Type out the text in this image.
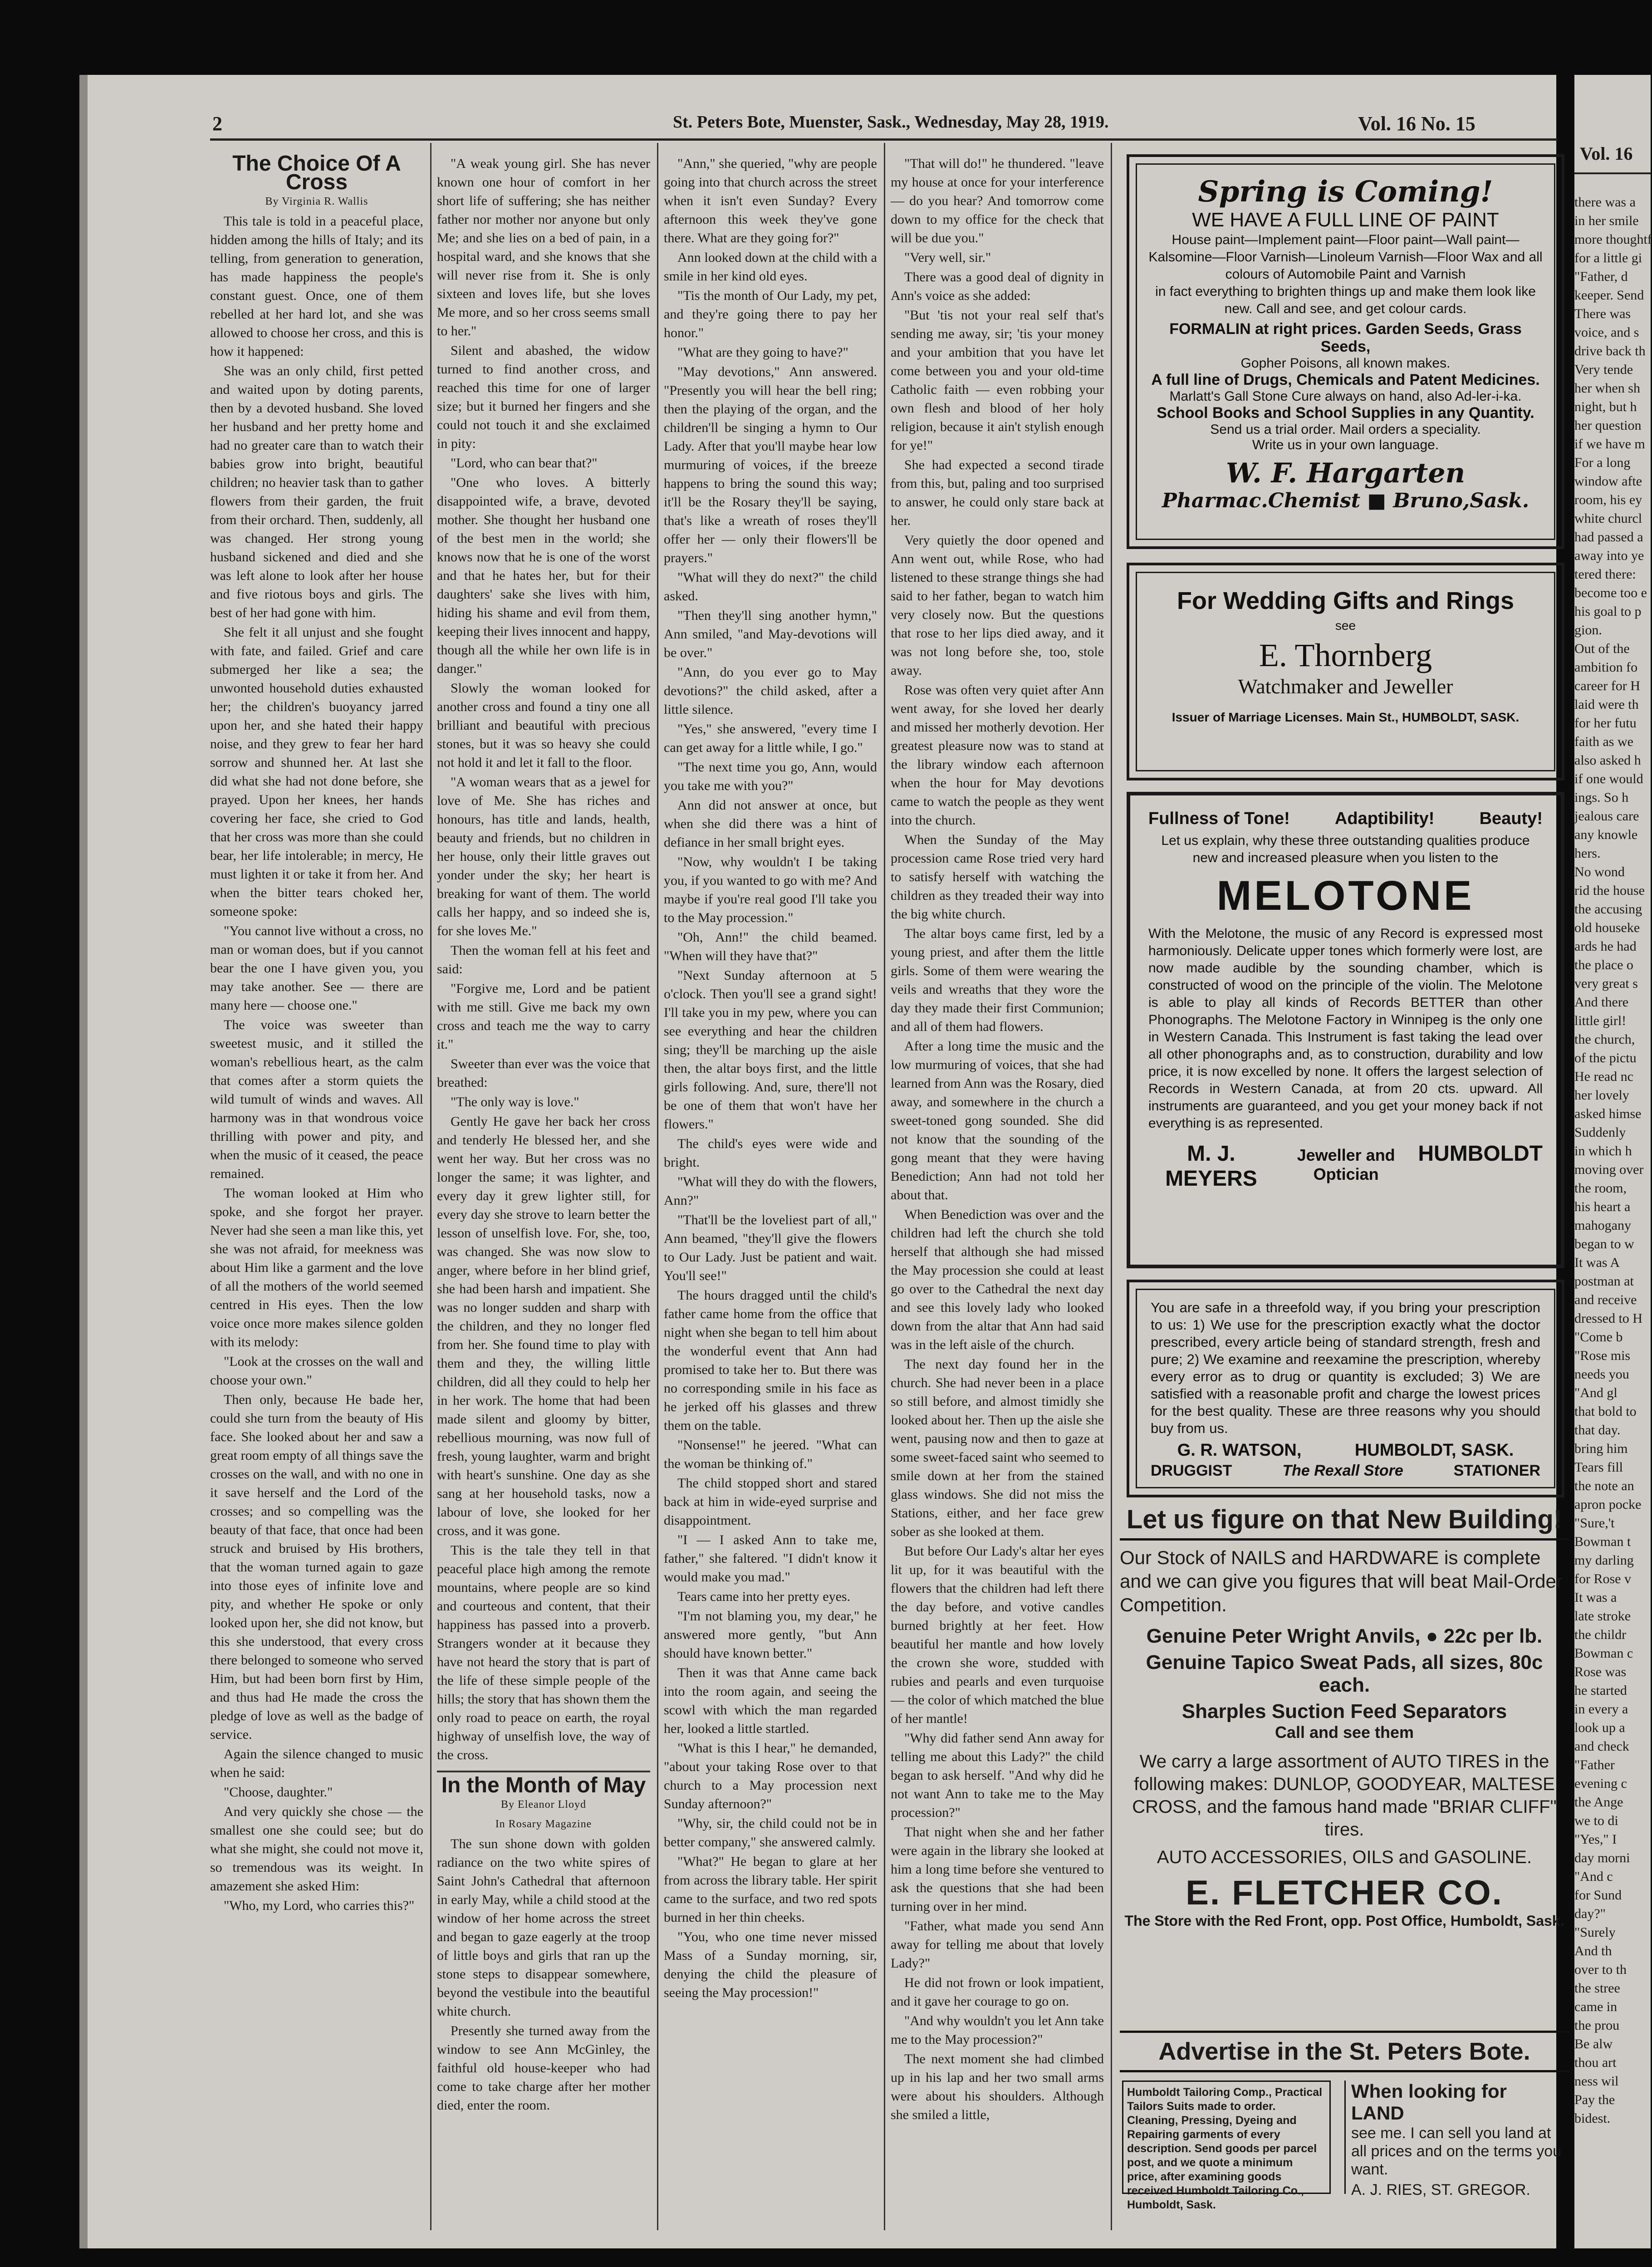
2	St. Peters Bote, Muenster, Sask., Wednesday, May 28, 1919.	Vol. 16 No. 15

The Choice Of A Cross

By Virginia R. Wallis

This tale is told in a peaceful place, hidden among the hills of Italy; and its telling, from generation to generation, has made happiness the people's constant guest. Once, one of them rebelled at her hard lot, and she was allowed to choose her cross, and this is how it happened:

She was an only child, first petted and waited upon by doting parents, then by a devoted husband. She loved her husband and her pretty home and had no greater care than to watch their babies grow into bright, beautiful children; no heavier task than to gather flowers from their garden, the fruit from their orchard. Then, suddenly, all was changed. Her strong young husband sickened and died and she was left alone to look after her house and five riotous boys and girls. The best of her had gone with him.

She felt it all unjust and she fought with fate, and failed. Grief and care submerged her like a sea; the unwonted household duties exhausted her; the children's buoyancy jarred upon her, and she hated their happy noise, and they grew to fear her hard sorrow and shunned her. At last she did what she had not done before, she prayed. Upon her knees, her hands covering her face, she cried to God that her cross was more than she could bear, her life intolerable; in mercy, He must lighten it or take it from her. And when the bitter tears choked her, someone spoke:

"You cannot live without a cross, no man or woman does, but if you cannot bear the one I have given you, you may take another. See — there are many here — choose one."

The voice was sweeter than sweetest music, and it stilled the woman's rebellious heart, as the calm that comes after a storm quiets the wild tumult of winds and waves. All harmony was in that wondrous voice thrilling with power and pity, and when the music of it ceased, the peace remained.

The woman looked at Him who spoke, and she forgot her prayer. Never had she seen a man like this, yet she was not afraid, for meekness was about Him like a garment and the love of all the mothers of the world seemed centred in His eyes. Then the low voice once more makes silence golden with its melody:

"Look at the crosses on the wall and choose your own."

Then only, because He bade her, could she turn from the beauty of His face. She looked about her and saw a great room empty of all things save the crosses on the wall, and with no one in it save herself and the Lord of the crosses; and so compelling was the beauty of that face, that once had been struck and bruised by His brothers, that the woman turned again to gaze into those eyes of infinite love and pity, and whether He spoke or only looked upon her, she did not know, but this she understood, that every cross there belonged to someone who served Him, but had been born first by Him, and thus had He made the cross the pledge of love as well as the badge of service.

Again the silence changed to music when he said:

"Choose, daughter."

And very quickly she chose — the smallest one she could see; but do what she might, she could not move it, so tremendous was its weight. In amazement she asked Him:

"Who, my Lord, who carries this?"

"A weak young girl. She has never known one hour of comfort in her short life of suffering; she has neither father nor mother nor anyone but only Me; and she lies on a bed of pain, in a hospital ward, and she knows that she will never rise from it. She is only sixteen and loves life, but she loves Me more, and so her cross seems small to her."

Silent and abashed, the widow turned to find another cross, and reached this time for one of larger size; but it burned her fingers and she could not touch it and she exclaimed in pity:

"Lord, who can bear that?"

"One who loves. A bitterly disappointed wife, a brave, devoted mother. She thought her husband one of the best men in the world; she knows now that he is one of the worst and that he hates her, but for their daughters' sake she lives with him, hiding his shame and evil from them, keeping their lives innocent and happy, though all the while her own life is in danger."

Slowly the woman looked for another cross and found a tiny one all brilliant and beautiful with precious stones, but it was so heavy she could not hold it and let it fall to the floor.

"A woman wears that as a jewel for love of Me. She has riches and honours, has title and lands, health, beauty and friends, but no children in her house, only their little graves out yonder under the sky; her heart is breaking for want of them. The world calls her happy, and so indeed she is, for she loves Me."

Then the woman fell at his feet and said:

"Forgive me, Lord and be patient with me still. Give me back my own cross and teach me the way to carry it."

Sweeter than ever was the voice that breathed:

"The only way is love."

Gently He gave her back her cross and tenderly He blessed her, and she went her way. But her cross was no longer the same; it was lighter, and every day it grew lighter still, for every day she strove to learn better the lesson of unselfish love. For, she, too, was changed. She was now slow to anger, where before in her blind grief, she had been harsh and impatient. She was no longer sudden and sharp with the children, and they no longer fled from her. She found time to play with them and they, the willing little children, did all they could to help her in her work. The home that had been made silent and gloomy by bitter, rebellious mourning, was now full of fresh, young laughter, warm and bright with heart's sunshine. One day as she sang at her household tasks, now a labour of love, she looked for her cross, and it was gone.

This is the tale they tell in that peaceful place high among the remote mountains, where people are so kind and courteous and content, that their happiness has passed into a proverb. Strangers wonder at it because they have not heard the story that is part of the life of these simple people of the hills; the story that has shown them the only road to peace on earth, the royal highway of unselfish love, the way of the cross.

In the Month of May

By Eleanor Lloyd

In Rosary Magazine

The sun shone down with golden radiance on the two white spires of Saint John's Cathedral that afternoon in early May, while a child stood at the window of her home across the street and began to gaze eagerly at the troop of little boys and girls that ran up the stone steps to disappear somewhere, beyond the vestibule into the beautiful white church.

Presently she turned away from the window to see Ann McGinley, the faithful old house-keeper who had come to take charge after her mother died, enter the room.

"Ann," she queried, "why are people going into that church across the street when it isn't even Sunday? Every afternoon this week they've gone there. What are they going for?"

Ann looked down at the child with a smile in her kind old eyes.

"Tis the month of Our Lady, my pet, and they're going there to pay her honor."

"What are they going to have?"

"May devotions," Ann answered. "Presently you will hear the bell ring; then the playing of the organ, and the children'll be singing a hymn to Our Lady. After that you'll maybe hear low murmuring of voices, if the breeze happens to bring the sound this way; it'll be the Rosary they'll be saying, that's like a wreath of roses they'll offer her — only their flowers'll be prayers."

"What will they do next?" the child asked.

"Then they'll sing another hymn," Ann smiled, "and May-devotions will be over."

"Ann, do you ever go to May devotions?" the child asked, after a little silence.

"Yes," she answered, "every time I can get away for a little while, I go."

"The next time you go, Ann, would you take me with you?"

Ann did not answer at once, but when she did there was a hint of defiance in her small bright eyes.

"Now, why wouldn't I be taking you, if you wanted to go with me? And maybe if you're real good I'll take you to the May procession."

"Oh, Ann!" the child beamed. "When will they have that?"

"Next Sunday afternoon at 5 o'clock. Then you'll see a grand sight! I'll take you in my pew, where you can see everything and hear the children sing; they'll be marching up the aisle then, the altar boys first, and the little girls following. And, sure, there'll not be one of them that won't have her flowers."

The child's eyes were wide and bright.

"What will they do with the flowers, Ann?"

"That'll be the loveliest part of all," Ann beamed, "they'll give the flowers to Our Lady. Just be patient and wait. You'll see!"

The hours dragged until the child's father came home from the office that night when she began to tell him about the wonderful event that Ann had promised to take her to. But there was no corresponding smile in his face as he jerked off his glasses and threw them on the table.

"Nonsense!" he jeered. "What can the woman be thinking of."

The child stopped short and stared back at him in wide-eyed surprise and disappointment.

"I — I asked Ann to take me, father," she faltered. "I didn't know it would make you mad."

Tears came into her pretty eyes.

"I'm not blaming you, my dear," he answered more gently, "but Ann should have known better."

Then it was that Anne came back into the room again, and seeing the scowl with which the man regarded her, looked a little startled.

"What is this I hear," he demanded, "about your taking Rose over to that church to a May procession next Sunday afternoon?"

"Why, sir, the child could not be in better company," she answered calmly.

"What?" He began to glare at her from across the library table. Her spirit came to the surface, and two red spots burned in her thin cheeks.

"You, who one time never missed Mass of a Sunday morning, sir, denying the child the pleasure of seeing the May procession!"

"That will do!" he thundered. "leave my house at once for your interference — do you hear? And tomorrow come down to my office for the check that will be due you."

"Very well, sir."

There was a good deal of dignity in Ann's voice as she added:

"But 'tis not your real self that's sending me away, sir; 'tis your money and your ambition that you have let come between you and your old-time Catholic faith — even robbing your own flesh and blood of her holy religion, because it ain't stylish enough for ye!"

She had expected a second tirade from this, but, paling and too surprised to answer, he could only stare back at her.

Very quietly the door opened and Ann went out, while Rose, who had listened to these strange things she had said to her father, began to watch him very closely now. But the questions that rose to her lips died away, and it was not long before she, too, stole away.

Rose was often very quiet after Ann went away, for she loved her dearly and missed her motherly devotion. Her greatest pleasure now was to stand at the library window each afternoon when the hour for May devotions came to watch the people as they went into the church.

When the Sunday of the May procession came Rose tried very hard to satisfy herself with watching the children as they treaded their way into the big white church.

The altar boys came first, led by a young priest, and after them the little girls. Some of them were wearing the veils and wreaths that they wore the day they made their first Communion; and all of them had flowers.

After a long time the music and the low murmuring of voices, that she had learned from Ann was the Rosary, died away, and somewhere in the church a sweet-toned gong sounded. She did not know that the sounding of the gong meant that they were having Benediction; Ann had not told her about that.

When Benediction was over and the children had left the church she told herself that although she had missed the May procession she could at least go over to the Cathedral the next day and see this lovely lady who looked down from the altar that Ann had said was in the left aisle of the church.

The next day found her in the church. She had never been in a place so still before, and almost timidly she looked about her. Then up the aisle she went, pausing now and then to gaze at some sweet-faced saint who seemed to smile down at her from the stained glass windows. She did not miss the Stations, either, and her face grew sober as she looked at them.

But before Our Lady's altar her eyes lit up, for it was beautiful with the flowers that the children had left there the day before, and votive candles burned brightly at her feet. How beautiful her mantle and how lovely the crown she wore, studded with rubies and pearls and even turquoise — the color of which matched the blue of her mantle!

"Why did father send Ann away for telling me about this Lady?" the child began to ask herself. "And why did he not want Ann to take me to the May procession?"

That night when she and her father were again in the library she looked at him a long time before she ventured to ask the questions that she had been turning over in her mind.

"Father, what made you send Ann away for telling me about that lovely Lady?"

He did not frown or look impatient, and it gave her courage to go on.

"And why wouldn't you let Ann take me to the May procession?"

The next moment she had climbed up in his lap and her two small arms were about his shoulders. Although she smiled a little,

Spring is Coming!
WE HAVE A FULL LINE OF PAINT
House paint—Implement paint—Floor paint—Wall paint—Kalsomine—Floor Varnish—Linoleum Varnish—Floor Wax and all colours of Automobile Paint and Varnish
in fact everything to brighten things up and make them look like new. Call and see, and get colour cards.
FORMALIN at right prices. Garden Seeds, Grass Seeds,
Gopher Poisons, all known makes.
A full line of Drugs, Chemicals and Patent Medicines.
Marlatt's Gall Stone Cure always on hand, also Ad-ler-i-ka.
School Books and School Supplies in any Quantity.
Send us a trial order. Mail orders a speciality.
Write us in your own language.
W. F. Hargarten
Pharmac.Chemist ■ Bruno,Sask.
For Wedding Gifts and Rings
see
E. Thornberg
Watchmaker and Jeweller
Issuer of Marriage Licenses. Main St., HUMBOLDT, SASK.
Fullness of Tone!	Adaptibility!	Beauty!
Let us explain, why these three outstanding qualities produce new and increased pleasure when you listen to the
MELOTONE
With the Melotone, the music of any Record is expressed most harmoniously. Delicate upper tones which formerly were lost, are now made audible by the sounding chamber, which is constructed of wood on the principle of the violin. The Melotone is able to play all kinds of Records BETTER than other Phonographs. The Melotone Factory in Winnipeg is the only one in Western Canada. This Instrument is fast taking the lead over all other phonographs and, as to construction, durability and low price, it is now excelled by none. It offers the largest selection of Records in Western Canada, at from 20 cts. upward. All instruments are guaranteed, and you get your money back if not everything is as represented.
M. J. MEYERS
Jeweller and Optician
HUMBOLDT
You are safe in a threefold way, if you bring your prescription to us: 1) We use for the prescription exactly what the doctor prescribed, every article being of standard strength, fresh and pure; 2) We examine and reexamine the prescription, whereby every error as to drug or quantity is excluded; 3) We are satisfied with a reasonable profit and charge the lowest prices for the best quality. These are three reasons why you should buy from us.
G. R. WATSON,	HUMBOLDT, SASK.
DRUGGIST	The Rexall Store	STATIONER
Let us figure on that New Building!
Our Stock of NAILS and HARDWARE is complete and we can give you figures that will beat Mail-Order Competition.
Genuine Peter Wright Anvils, ● 22c per lb.
Genuine Tapico Sweat Pads, all sizes, 80c each.
Sharples Suction Feed Separators
Call and see them
We carry a large assortment of AUTO TIRES in the following makes: DUNLOP, GOODYEAR, MALTESE CROSS, and the famous hand made "BRIAR CLIFF" tires.
AUTO ACCESSORIES, OILS and GASOLINE.
E. FLETCHER CO.
The Store with the Red Front, opp. Post Office, Humboldt, Sask.
Advertise in the St. Peters Bote.
Humboldt Tailoring Comp., Practical Tailors Suits made to order. Cleaning, Pressing, Dyeing and Repairing garments of every description. Send goods per parcel post, and we quote a minimum price, after examining goods received Humboldt Tailoring Co., Humboldt, Sask.
When looking for LAND
see me. I can sell you land at all prices and on the terms you want.
A. J. RIES, ST. GREGOR.
Vol. 16
there was a
in her smile
more thoughtf
for a little gi
"Father, d
keeper. Send
There was
voice, and s
drive back th
Very tende
her when sh
night, but h
her question
if we have m
For a long
window afte
room, his ey
white churcl
had passed a
away into ye
tered there:
become too e
his goal to p
gion.
Out of the
ambition fo
career for H
laid were th
for her futu
faith as we
also asked h
if one would
ings. So h
jealous care
any knowle
hers.
No wond
rid the house
the accusing
old houseke
ards he had
the place o
very great s
And there
little girl!
the church,
of the pictu
He read nc
her lovely
asked himse
Suddenly
in which h
moving over
the room,
his heart a
mahogany
began to w
It was A
postman at
and receive
dressed to H
"Come b
"Rose mis
needs you
"And gl
that bold to
that day.
bring him
Tears fill
the note an
apron pocke
"Sure,'t
Bowman t
my darling
for Rose v
It was a
late stroke
the childr
Bowman c
Rose was
he started
in every a
look up a
and check
"Father
evening c
the Ange
we to di
"Yes," I
day morni
"And c
for Sund
day?"
"Surely
And th
over to th
the stree
came in
the prou
Be alw
thou art
ness wil
Pay the
bidest.
